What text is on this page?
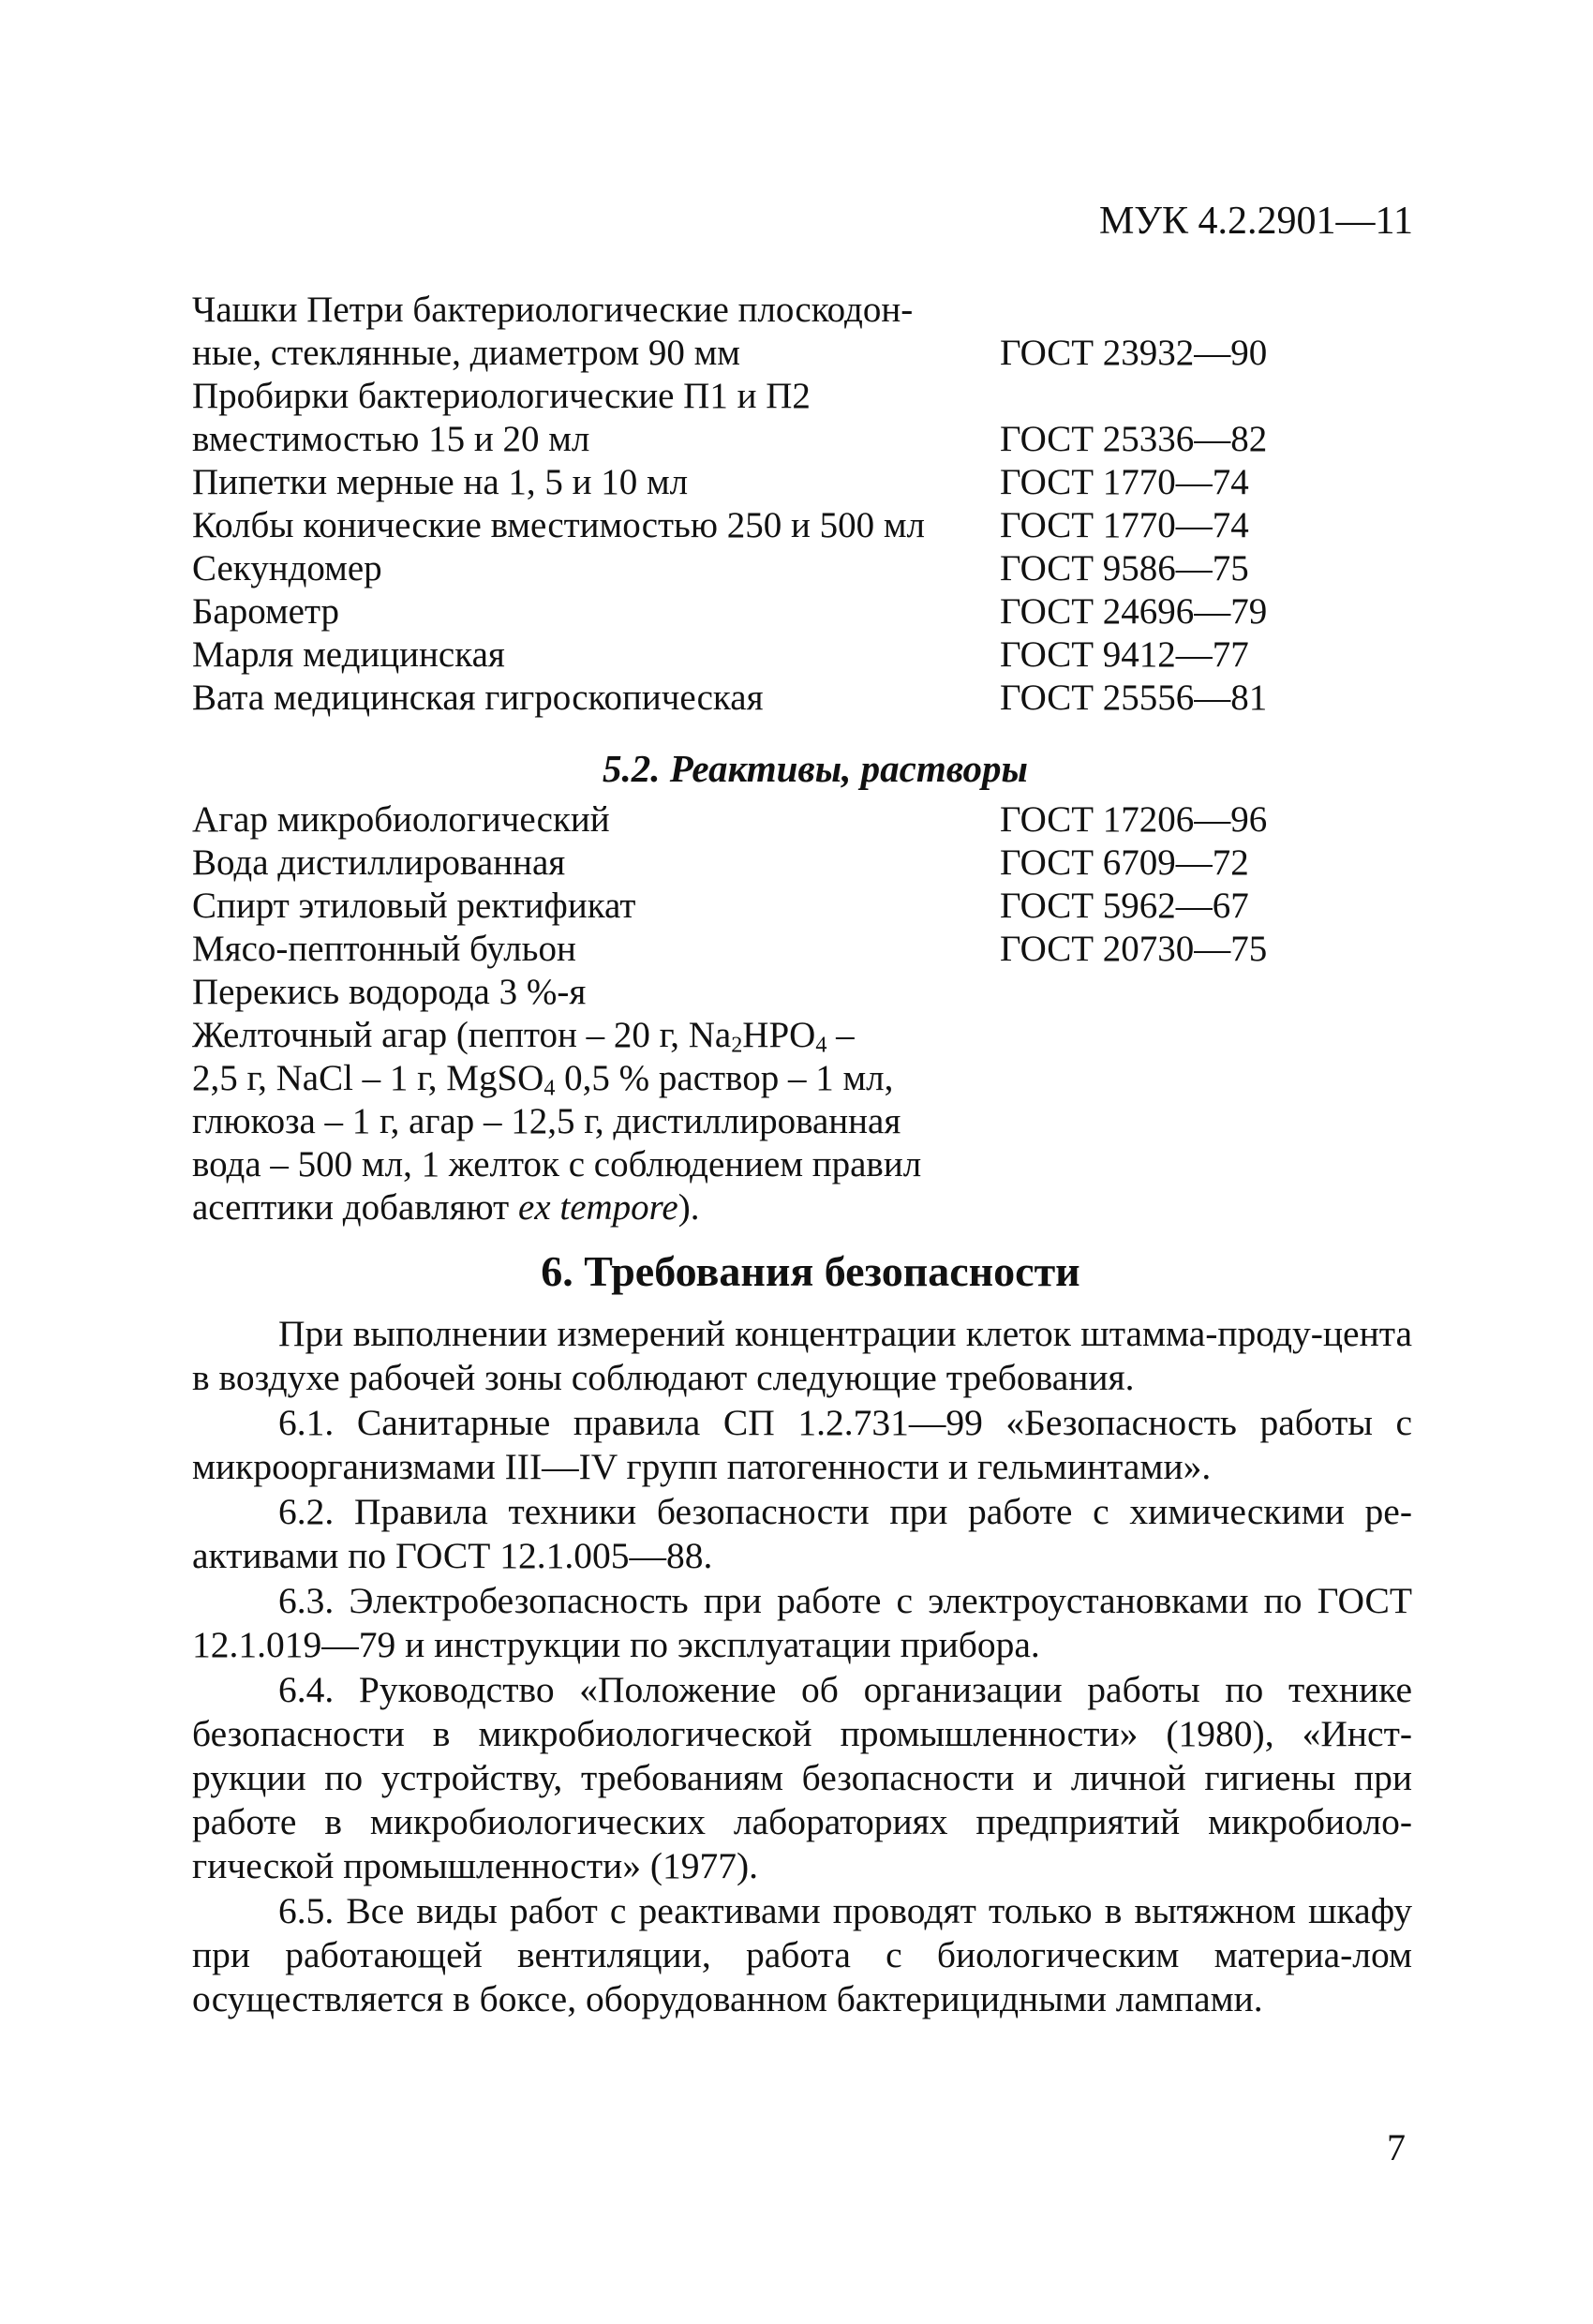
МУК 4.2.2901—11
Чашки Петри бактериологические плоскодон-
ные, стеклянные, диаметром 90 мм	ГОСТ 23932—90
Пробирки бактериологические П1 и П2
вместимостью 15 и 20 мл	ГОСТ 25336—82
Пипетки мерные на 1, 5 и 10 мл	ГОСТ 1770—74
Колбы конические вместимостью 250 и 500 мл ГОСТ 1770—74
Секундомер	ГОСТ 9586—75
Барометр	ГОСТ 24696—79
Марля медицинская	ГОСТ 9412—77
Вата медицинская гигроскопическая	ГОСТ 25556—81
5.2. Реактивы, растворы
Агар микробиологический	ГОСТ 17206—96
Вода дистиллированная	ГОСТ 6709—72
Спирт этиловый ректификат	ГОСТ 5962—67
Мясо-пептонный бульон	ГОСТ 20730—75
Перекись водорода 3 %-я
Желточный агар (пептон – 20 г, $Na_2HPO_4$ –
2,5 г, NaCl – 1 г, MgSO$_4$ 0,5 % раствор – 1 мл,
глюкоза – 1 г, агар – 12,5 г, дистиллированная
вода – 500 мл, 1 желток с соблюдением правил
асептики добавляют ex tempore).
6. Требования безопасности

При выполнении измерений концентрации клеток штамма-проду-цента в воздухе рабочей зоны соблюдают следующие требования.

6.1. Санитарные правила СП 1.2.731—99 «Безопасность работы с микроорганизмами III—IV групп патогенности и гельминтами».

6.2. Правила техники безопасности при работе с химическими ре-активами по ГОСТ 12.1.005—88.

6.3. Электробезопасность при работе с электроустановками по ГОСТ 12.1.019—79 и инструкции по эксплуатации прибора.

6.4. Руководство «Положение об организации работы по технике безопасности в микробиологической промышленности» (1980), «Инст-рукции по устройству, требованиям безопасности и личной гигиены при работе в микробиологических лабораториях предприятий микробиоло-гической промышленности» (1977).

6.5. Все виды работ с реактивами проводят только в вытяжном шкафу при работающей вентиляции, работа с биологическим материа-лом осуществляется в боксе, оборудованном бактерицидными лампами.

7
